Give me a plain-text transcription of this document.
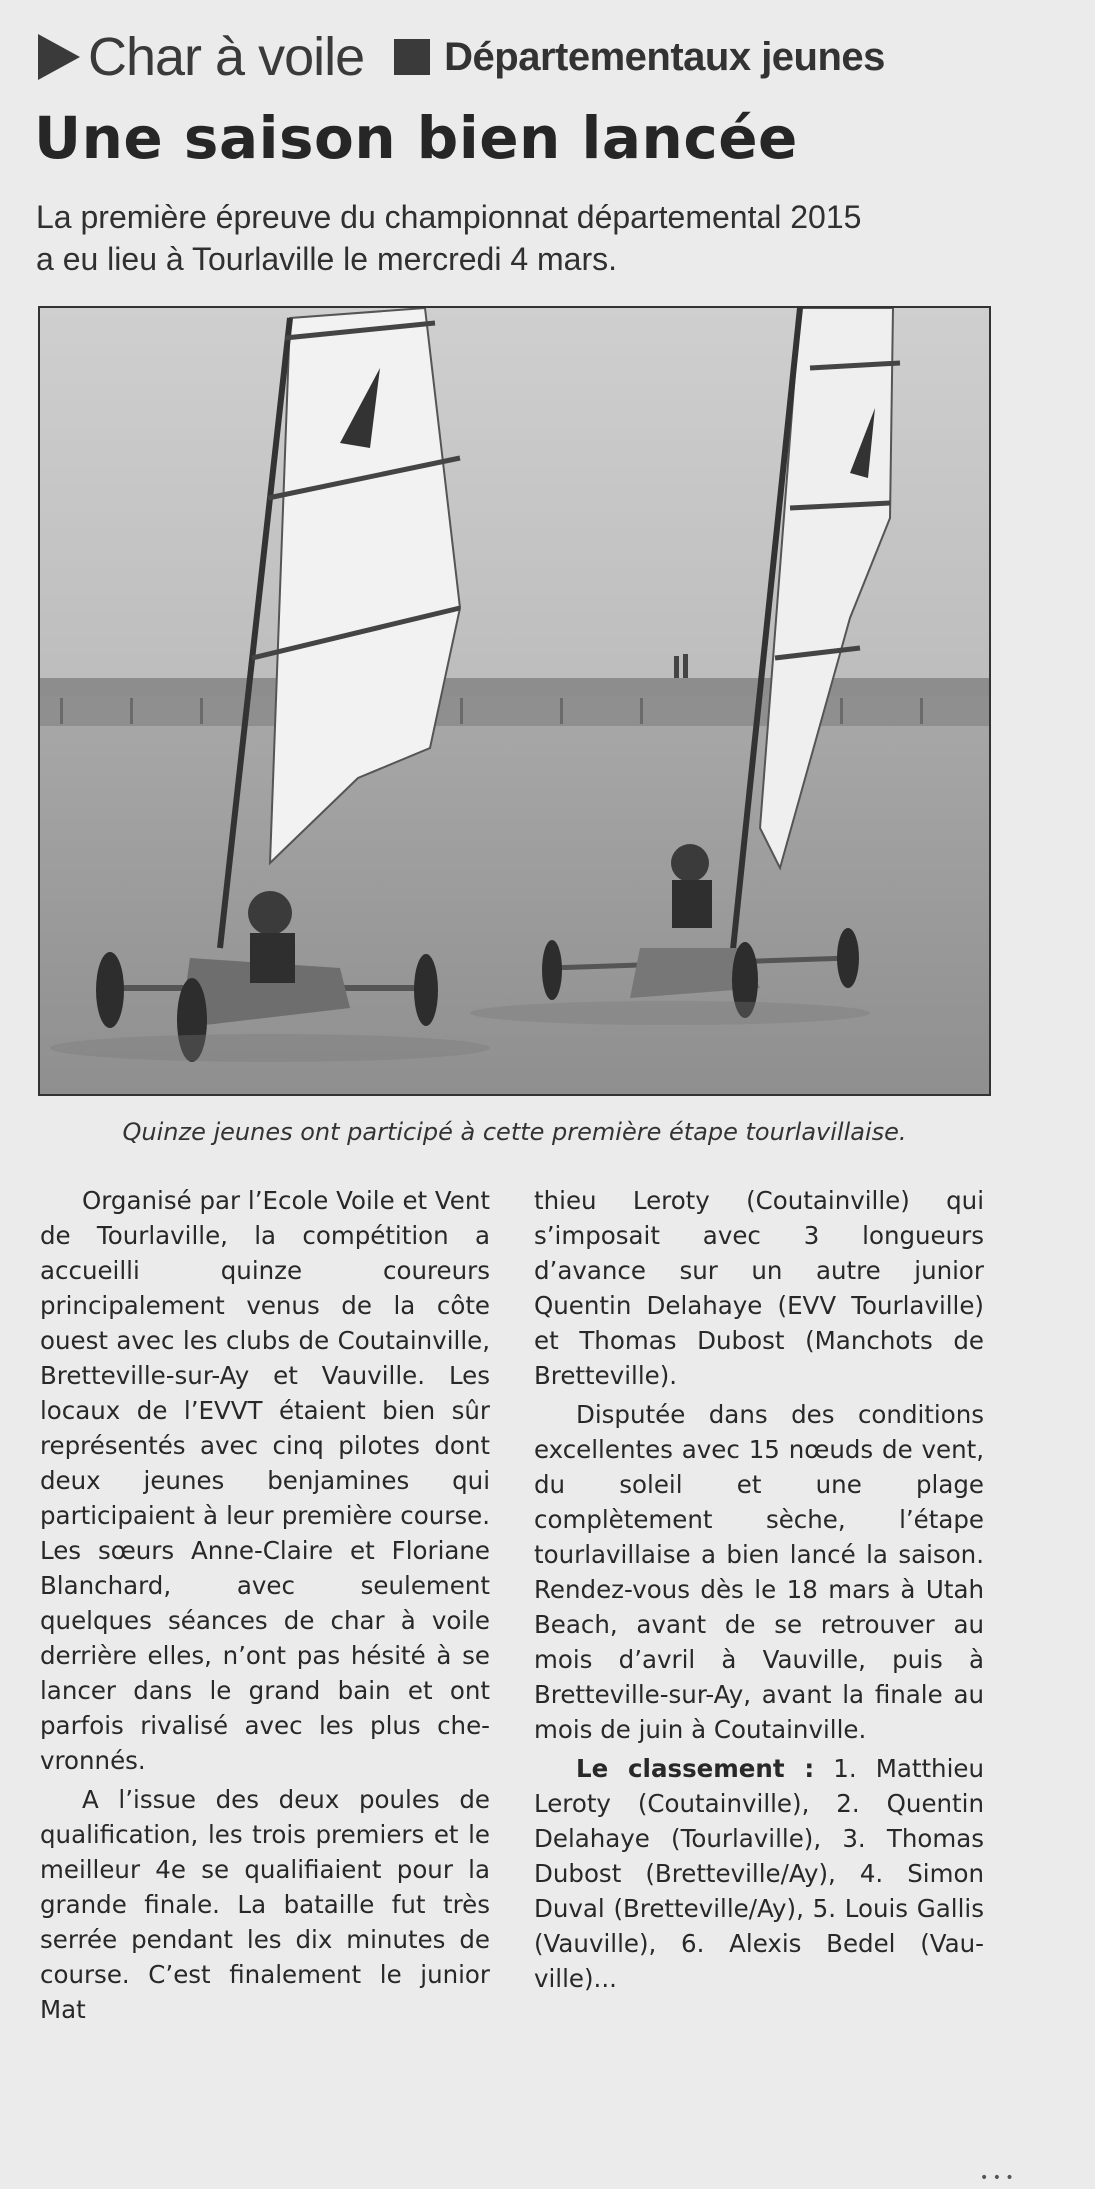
Char à voile Départementaux jeunes
Une saison bien lancée
La première épreuve du championnat départemental 2015
a eu lieu à Tourlaville le mercredi 4 mars.
Quinze jeunes ont participé à cette première étape tourlavillaise.

Organisé par l’Ecole Voile et Vent de Tourlaville, la compétition a accueilli quinze coureurs principalement venus de la côte ouest avec les clubs de Coutainville, Bretteville-sur-Ay et Vauville. Les locaux de l’EVVT étaient bien sûr représentés avec cinq pilotes dont deux jeunes benjamines qui participaient à leur première course. Les sœurs Anne-Claire et Floriane Blanchard, avec seulement quelques séances de char à voile derrière elles, n’ont pas hésité à se lancer dans le grand bain et ont parfois rivalisé avec les plus chevronnés.

A l’issue des deux poules de qualification, les trois premiers et le meilleur 4e se qualifiaient pour la grande finale. La bataille fut très serrée pendant les dix minutes de course. C’est finalement le junior Mat

thieu Leroty (Coutainville) qui s’imposait avec 3 longueurs d’avance sur un autre junior Quentin Delahaye (EVV Tourlaville) et Thomas Dubost (Manchots de Bretteville).

Disputée dans des conditions excellentes avec 15 nœuds de vent, du soleil et une plage complètement sèche, l’étape tourlavillaise a bien lancé la saison. Rendez-vous dès le 18 mars à Utah Beach, avant de se retrouver au mois d’avril à Vauville, puis à Bretteville-sur-Ay, avant la finale au mois de juin à Coutainville.

Le classement : 1. Matthieu Leroty (Coutainville), 2. Quentin Delahaye (Tourlaville), 3. Thomas Dubost (Bretteville/Ay), 4. Simon Duval (Bretteville/Ay), 5. Louis Gallis (Vauville), 6. Alexis Bedel (Vauville)...

• • •
